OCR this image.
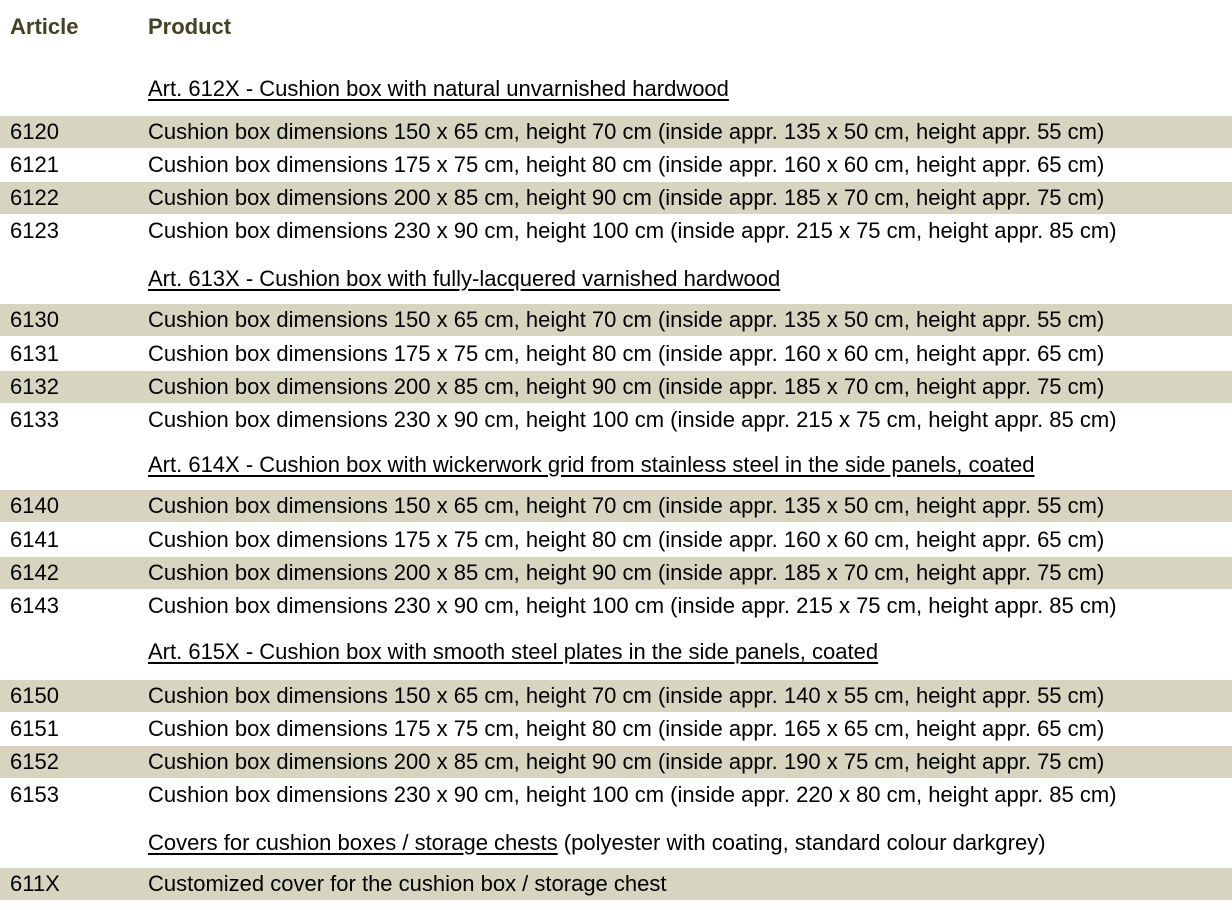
Article	Product
Art. 612X - Cushion box with natural unvarnished hardwood
6120	Cushion box dimensions 150 x 65 cm, height 70 cm (inside appr. 135 x 50 cm, height appr. 55 cm)
6121	Cushion box dimensions 175 x 75 cm, height 80 cm (inside appr. 160 x 60 cm, height appr. 65 cm)
6122	Cushion box dimensions 200 x 85 cm, height 90 cm (inside appr. 185 x 70 cm, height appr. 75 cm)
6123	Cushion box dimensions 230 x 90 cm, height 100 cm (inside appr. 215 x 75 cm, height appr. 85 cm)
Art. 613X - Cushion box with fully-lacquered varnished hardwood
6130	Cushion box dimensions 150 x 65 cm, height 70 cm (inside appr. 135 x 50 cm, height appr. 55 cm)
6131	Cushion box dimensions 175 x 75 cm, height 80 cm (inside appr. 160 x 60 cm, height appr. 65 cm)
6132	Cushion box dimensions 200 x 85 cm, height 90 cm (inside appr. 185 x 70 cm, height appr. 75 cm)
6133	Cushion box dimensions 230 x 90 cm, height 100 cm (inside appr. 215 x 75 cm, height appr. 85 cm)
Art. 614X - Cushion box with wickerwork grid from stainless steel in the side panels, coated
6140	Cushion box dimensions 150 x 65 cm, height 70 cm (inside appr. 135 x 50 cm, height appr. 55 cm)
6141	Cushion box dimensions 175 x 75 cm, height 80 cm (inside appr. 160 x 60 cm, height appr. 65 cm)
6142	Cushion box dimensions 200 x 85 cm, height 90 cm (inside appr. 185 x 70 cm, height appr. 75 cm)
6143	Cushion box dimensions 230 x 90 cm, height 100 cm (inside appr. 215 x 75 cm, height appr. 85 cm)
Art. 615X - Cushion box with smooth steel plates in the side panels, coated
6150	Cushion box dimensions 150 x 65 cm, height 70 cm (inside appr. 140 x 55 cm, height appr. 55 cm)
6151	Cushion box dimensions 175 x 75 cm, height 80 cm (inside appr. 165 x 65 cm, height appr. 65 cm)
6152	Cushion box dimensions 200 x 85 cm, height 90 cm (inside appr. 190 x 75 cm, height appr. 75 cm)
6153	Cushion box dimensions 230 x 90 cm, height 100 cm (inside appr. 220 x 80 cm, height appr. 85 cm)
Covers for cushion boxes / storage chests (polyester with coating, standard colour darkgrey)
611X	Customized cover for the cushion box / storage chest
